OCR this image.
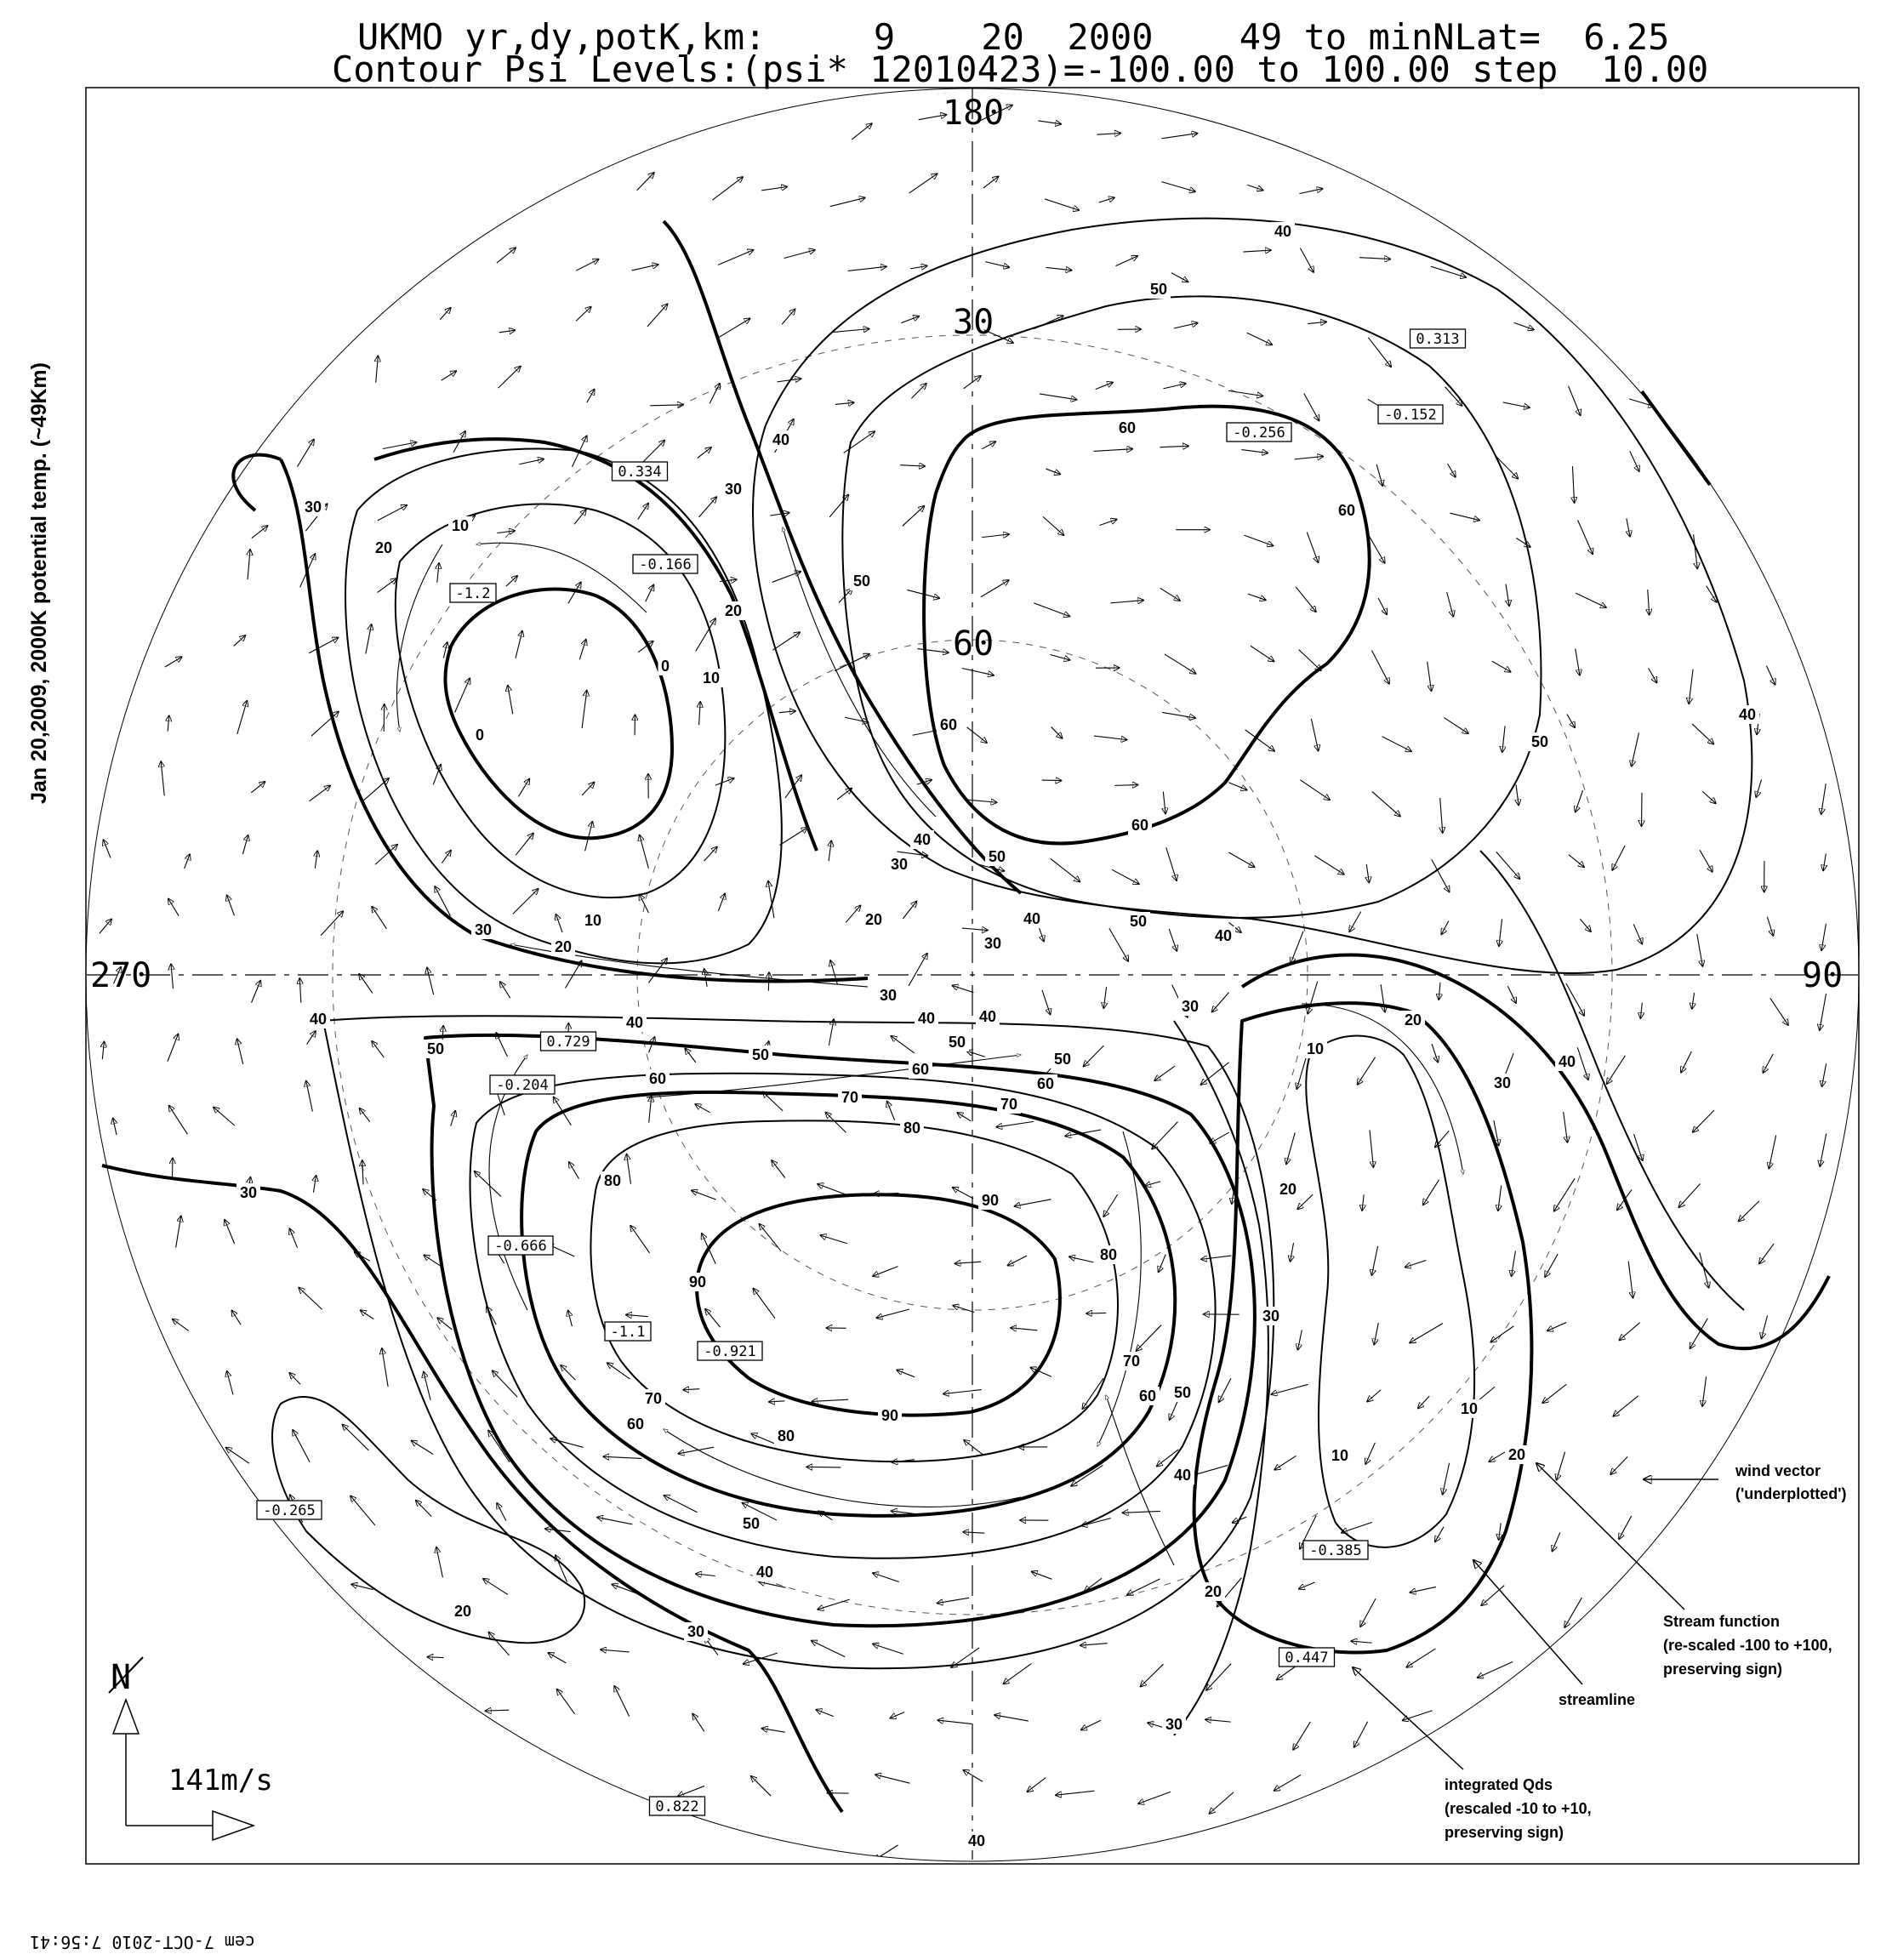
UKMO yr,dy,potK,km:     9    20  2000    49 to minNLat=  6.25
Contour Psi Levels:(psi* 12010423)=-100.00 to 100.00 step  10.00
Jan 20,2009, 2000K potential temp. (~49Km)
180
270	90
30
60
40
50
60
60
40
30
50
20
30
20
10
0
10
0
60
60
50
40
40
30	50
40	50
40
30
30
10
20
20
30
30
40	40	40	40
50	50
50
50
60
60
60
70	70
80
80
90
80
90
70
60 50
70
60
80
90
30
20
10
30
40
20
30
10
10	20
40
50
40
30
20
20
30
40
0.313
-0.152
-0.256
0.334
-0.166
-1.2
0.729
-0.204
-0.666
-1.1
-0.921
-0.265
-0.385
0.447
0.822
wind vector
('underplotted')
Stream function
(re-scaled -100 to +100,
preserving sign)
streamline
integrated Qds
(rescaled -10 to +10,
preserving sign)
N
141m/s
cem 7-OCT-2010 7:56:41
